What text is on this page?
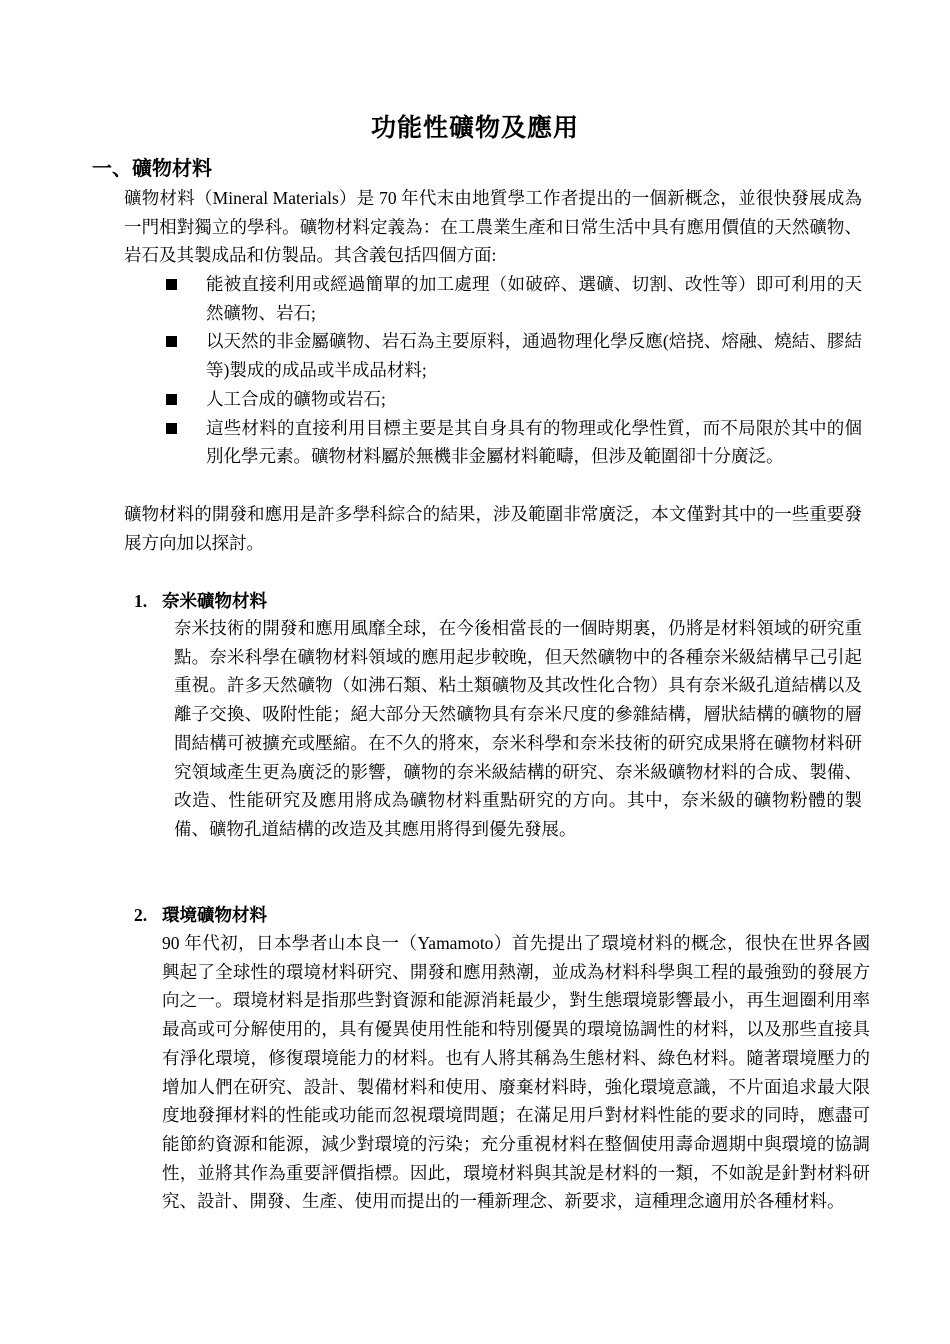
功能性礦物及應用
一、礦物材料
礦物材料（Mineral Materials）是 70 年代末由地質學工作者提出的一個新概念，並很快發展成為一門相對獨立的學科。礦物材料定義為：在工農業生產和日常生活中具有應用價值的天然礦物、岩石及其製成品和仿製品。其含義包括四個方面:
能被直接利用或經過簡單的加工處理（如破碎、選礦、切割、改性等）即可利用的天然礦物、岩石;
以天然的非金屬礦物、岩石為主要原料，通過物理化學反應(焙挠、熔融、燒結、膠結等)製成的成品或半成品材料;
人工合成的礦物或岩石;
這些材料的直接利用目標主要是其自身具有的物理或化學性質，而不局限於其中的個別化學元素。礦物材料屬於無機非金屬材料範疇，但涉及範圍卻十分廣泛。
礦物材料的開發和應用是許多學科綜合的結果，涉及範圍非常廣泛，本文僅對其中的一些重要發展方向加以探討。
1. 奈米礦物材料
奈米技術的開發和應用風靡全球，在今後相當長的一個時期裏，仍將是材料領域的研究重點。奈米科學在礦物材料領域的應用起步較晚，但天然礦物中的各種奈米級結構早己引起重視。許多天然礦物（如沸石類、粘土類礦物及其改性化合物）具有奈米級孔道結構以及離子交換、吸附性能；絕大部分天然礦物具有奈米尺度的參雜結構，層狀結構的礦物的層間結構可被擴充或壓縮。在不久的將來，奈米科學和奈米技術的研究成果將在礦物材料研究領域產生更為廣泛的影響，礦物的奈米級結構的研究、奈米級礦物材料的合成、製備、改造、性能研究及應用將成為礦物材料重點研究的方向。其中，奈米級的礦物粉體的製備、礦物孔道結構的改造及其應用將得到優先發展。
2. 環境礦物材料
90 年代初，日本學者山本良一（Yamamoto）首先提出了環境材料的概念，很快在世界各國興起了全球性的環境材料研究、開發和應用熱潮，並成為材料科學與工程的最強勁的發展方向之一。環境材料是指那些對資源和能源消耗最少，對生態環境影響最小，再生迴圈利用率最高或可分解使用的，具有優異使用性能和特別優異的環境協調性的材料，以及那些直接具有淨化環境，修復環境能力的材料。也有人將其稱為生態材料、綠色材料。隨著環境壓力的增加人們在研究、設計、製備材料和使用、廢棄材料時，強化環境意識，不片面追求最大限度地發揮材料的性能或功能而忽視環境問題；在滿足用戶對材料性能的要求的同時，應盡可能節約資源和能源，減少對環境的污染；充分重視材料在整個使用壽命週期中與環境的協調性，並將其作為重要評價指標。因此，環境材料與其說是材料的一類，不如說是針對材料研究、設計、開發、生產、使用而提出的一種新理念、新要求，這種理念適用於各種材料。
